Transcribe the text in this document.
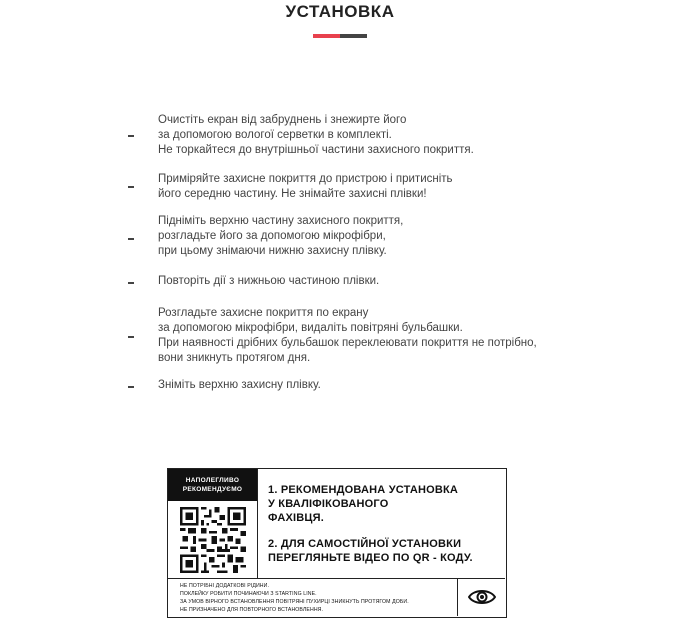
УСТАНОВКА
Очистіть екран від забруднень і знежирте його
за допомогою вологої серветки в комплекті.
Не торкайтеся до внутрішньої частини захисного покриття.
Приміряйте захисне покриття до пристрою і притисніть
його середню частину. Не знімайте захисні плівки!
Підніміть верхню частину захисного покриття,
розгладьте його за допомогою мікрофібри,
при цьому знімаючи нижню захисну плівку.
Повторіть дії з нижньою частиною плівки.
Розгладьте захисне покриття по екрану
за допомогою мікрофібри, видаліть повітряні бульбашки.
При наявності дрібних бульбашок переклеювати покриття не потрібно,
вони зникнуть протягом дня.
Зніміть верхню захисну плівку.
НАПОЛЕГЛИВО
РЕКОМЕНДУЄМО	1. РЕКОМЕНДОВАНА УСТАНОВКА
У КВАЛІФІКОВАНОГО
ФАХІВЦЯ.
2. ДЛЯ САМОСТІЙНОЇ УСТАНОВКИ
ПЕРЕГЛЯНЬТЕ ВІДЕО ПО QR - КОДУ.
НЕ ПОТРІБНІ ДОДАТКОВІ РІДИНИ.
ПОКЛЕЙКУ РОБИТИ ПОЧИНАЮЧИ З STARTING LINE.
ЗА УМОВ ВІРНОГО ВСТАНОВЛЕННЯ ПОВІТРЯНІ ПУХИРЦІ ЗНИКНУТЬ ПРОТЯГОМ ДОБИ.
НЕ ПРИЗНАЧЕНО ДЛЯ ПОВТОРНОГО ВСТАНОВЛЕННЯ.
